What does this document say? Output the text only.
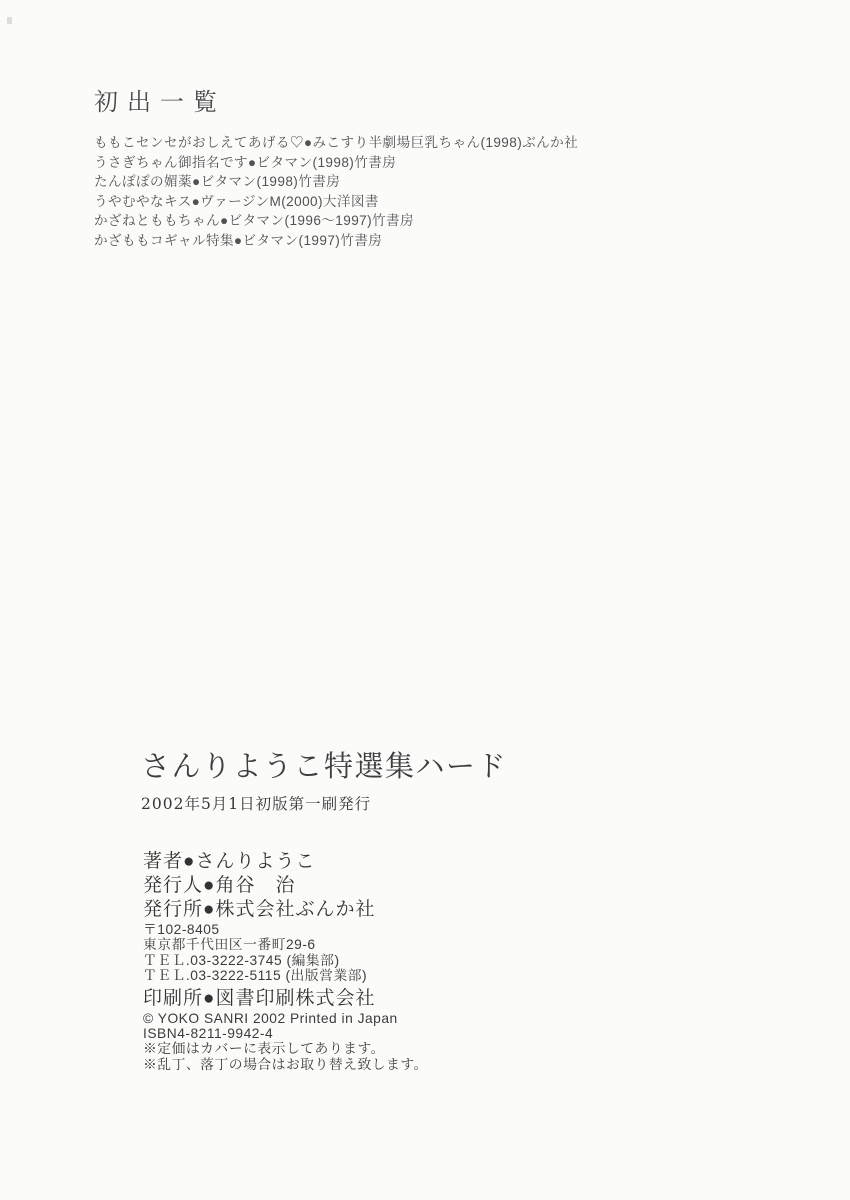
初出一覧
ももこセンセがおしえてあげる♡●みこすり半劇場巨乳ちゃん(1998)ぶんか社
うさぎちゃん御指名です●ビタマン(1998)竹書房
たんぽぽの媚薬●ビタマン(1998)竹書房
うやむやなキス●ヴァージンM(2000)大洋図書
かざねとももちゃん●ビタマン(1996〜1997)竹書房
かざももコギャル特集●ビタマン(1997)竹書房
さんりようこ特選集ハード
2002年5月1日初版第一刷発行
著者●さんりようこ
発行人●角谷　治
発行所●株式会社ぶんか社
〒102-8405
東京都千代田区一番町29-6
ＴＥＬ.03-3222-3745 (編集部)
ＴＥＬ.03-3222-5115 (出版営業部)
印刷所●図書印刷株式会社
© YOKO SANRI 2002 Printed in Japan
ISBN4-8211-9942-4
※定価はカバーに表示してあります。
※乱丁、落丁の場合はお取り替え致します。
